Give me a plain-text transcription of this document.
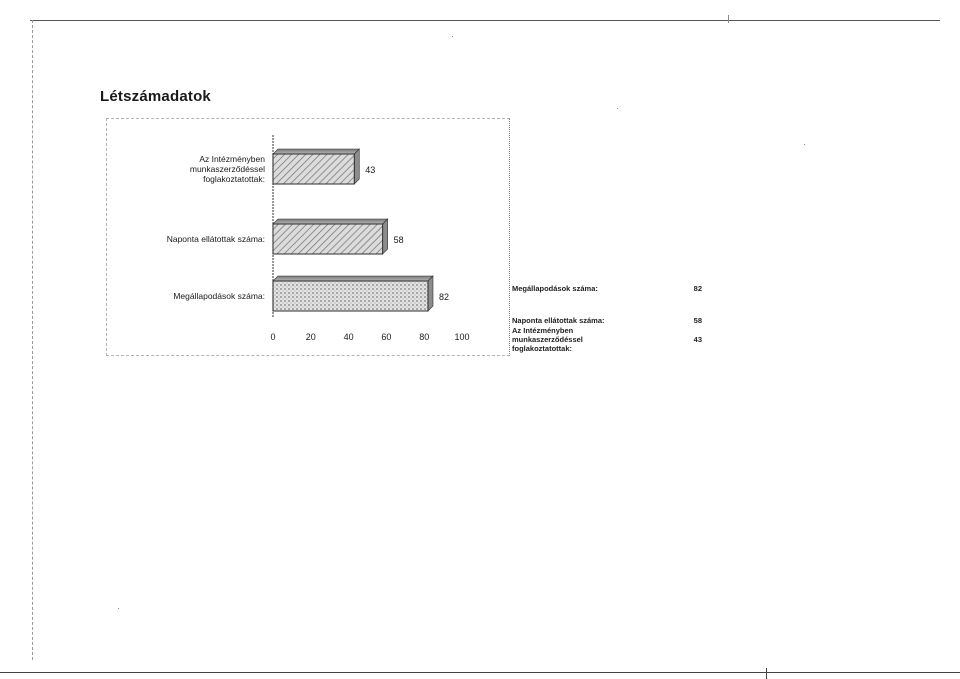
Létszámadatok
43
Az Intézményben
munkaszerződéssel
foglakoztatottak:
58
Naponta ellátottak száma:
82
Megállapodások száma:
0	20	40	60	80	100
Megállapodások száma:	82
Naponta ellátottak száma:	58
Az Intézményben munkaszerződéssel foglakoztatottak:
43
